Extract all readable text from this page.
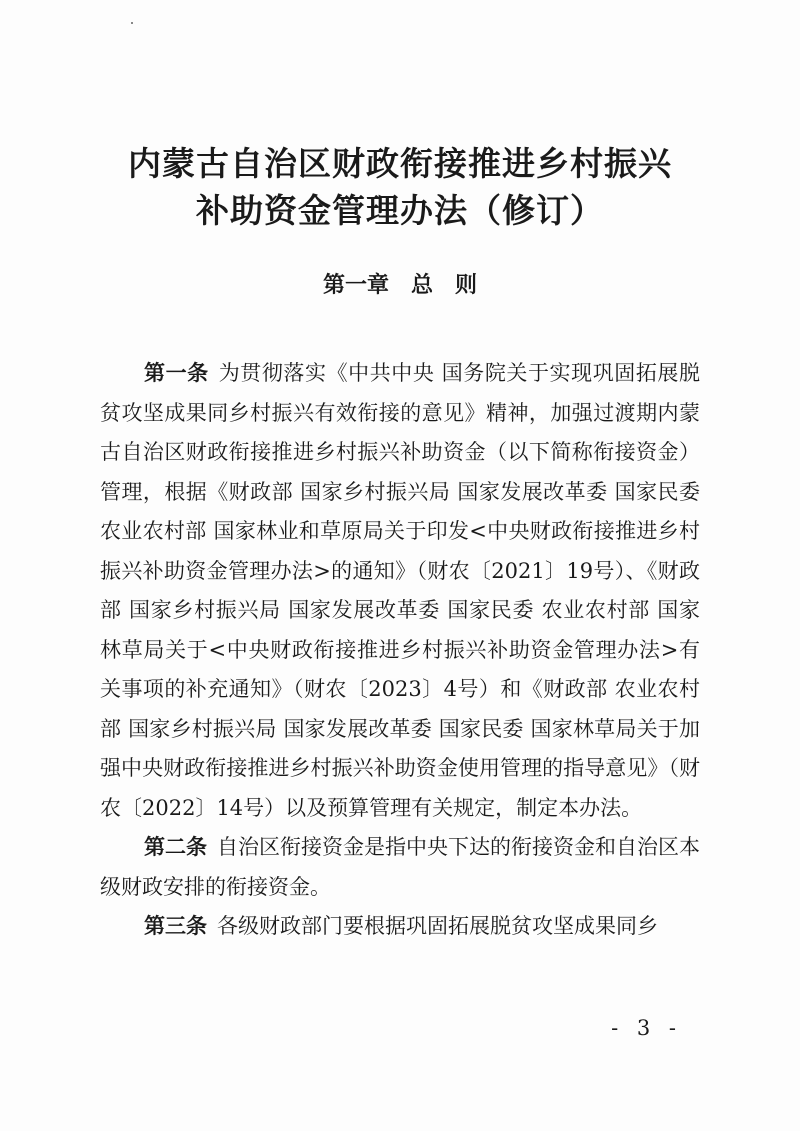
内蒙古自治区财政衔接推进乡村振兴
补助资金管理办法（修订）
第一章　总　则

第一条 为贯彻落实《中共中央 国务院关于实现巩固拓展脱贫攻坚成果同乡村振兴有效衔接的意见》精神，加强过渡期内蒙古自治区财政衔接推进乡村振兴补助资金（以下简称衔接资金）管理，根据《财政部 国家乡村振兴局 国家发展改革委 国家民委 农业农村部 国家林业和草原局关于印发<中央财政衔接推进乡村振兴补助资金管理办法>的通知》（财农〔2021〕19号）、《财政部 国家乡村振兴局 国家发展改革委 国家民委 农业农村部 国家林草局关于<中央财政衔接推进乡村振兴补助资金管理办法>有关事项的补充通知》（财农〔2023〕4号）和《财政部 农业农村部 国家乡村振兴局 国家发展改革委 国家民委 国家林草局关于加强中央财政衔接推进乡村振兴补助资金使用管理的指导意见》（财农〔2022〕14号）以及预算管理有关规定，制定本办法。

第二条 自治区衔接资金是指中央下达的衔接资金和自治区本级财政安排的衔接资金。

第三条 各级财政部门要根据巩固拓展脱贫攻坚成果同乡

- 3 -
